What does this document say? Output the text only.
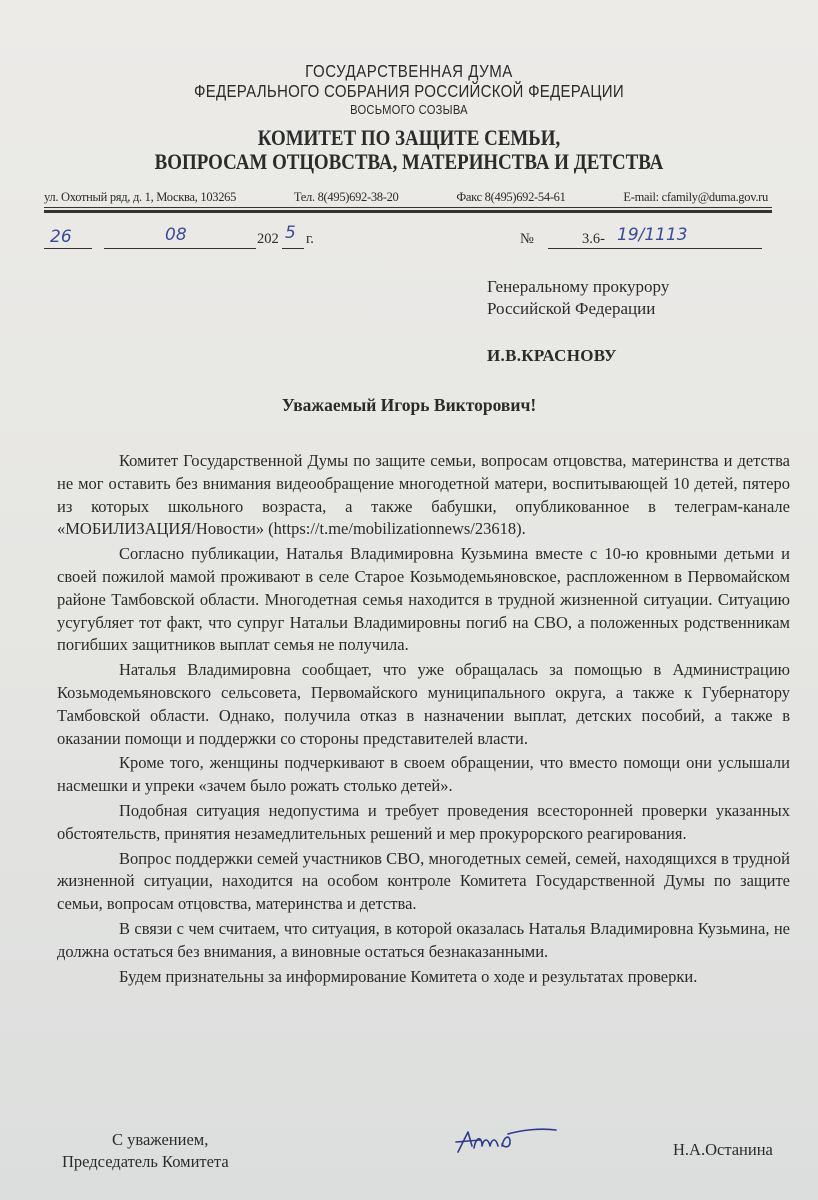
ГОСУДАРСТВЕННАЯ ДУМА
ФЕДЕРАЛЬНОГО СОБРАНИЯ РОССИЙСКОЙ ФЕДЕРАЦИИ
ВОСЬМОГО СОЗЫВА
КОМИТЕТ ПО ЗАЩИТЕ СЕМЬИ,
ВОПРОСАМ ОТЦОВСТВА, МАТЕРИНСТВА И ДЕТСТВА
ул. Охотный ряд, д. 1, Москва, 103265	Тел. 8(495)692-38-20	Факс 8(495)692-54-61	E-mail: cfamily@duma.gov.ru
26	08	202 5 г.	№	3.6- 19/1113
Генеральному прокурору
Российской Федерации
И.В.КРАСНОВУ
Уважаемый Игорь Викторович!

Комитет Государственной Думы по защите семьи, вопросам отцовства, материнства и детства не мог оставить без внимания видеообращение многодетной матери, воспитывающей 10 детей, пятеро из которых школьного возраста, а также бабушки, опубликованное в телеграм-канале «МОБИЛИЗАЦИЯ/Новости» (https://t.me/mobilizationnews/23618).

Согласно публикации, Наталья Владимировна Кузьмина вместе с 10-ю кровными детьми и своей пожилой мамой проживают в селе Старое Козьмодемьяновское, распложенном в Первомайском районе Тамбовской области. Многодетная семья находится в трудной жизненной ситуации. Ситуацию усугубляет тот факт, что супруг Натальи Владимировны погиб на СВО, а положенных родственникам погибших защитников выплат семья не получила.

Наталья Владимировна сообщает, что уже обращалась за помощью в Администрацию Козьмодемьяновского сельсовета, Первомайского муниципального округа, а также к Губернатору Тамбовской области. Однако, получила отказ в назначении выплат, детских пособий, а также в оказании помощи и поддержки со стороны представителей власти.

Кроме того, женщины подчеркивают в своем обращении, что вместо помощи они услышали насмешки и упреки «зачем было рожать столько детей».

Подобная ситуация недопустима и требует проведения всесторонней проверки указанных обстоятельств, принятия незамедлительных решений и мер прокурорского реагирования.

Вопрос поддержки семей участников СВО, многодетных семей, семей, находящихся в трудной жизненной ситуации, находится на особом контроле Комитета Государственной Думы по защите семьи, вопросам отцовства, материнства и детства.

В связи с чем считаем, что ситуация, в которой оказалась Наталья Владимировна Кузьмина, не должна остаться без внимания, а виновные остаться безнаказанными.

Будем признательны за информирование Комитета о ходе и результатах проверки.

С уважением,
Председатель Комитета
Н.А.Останина
